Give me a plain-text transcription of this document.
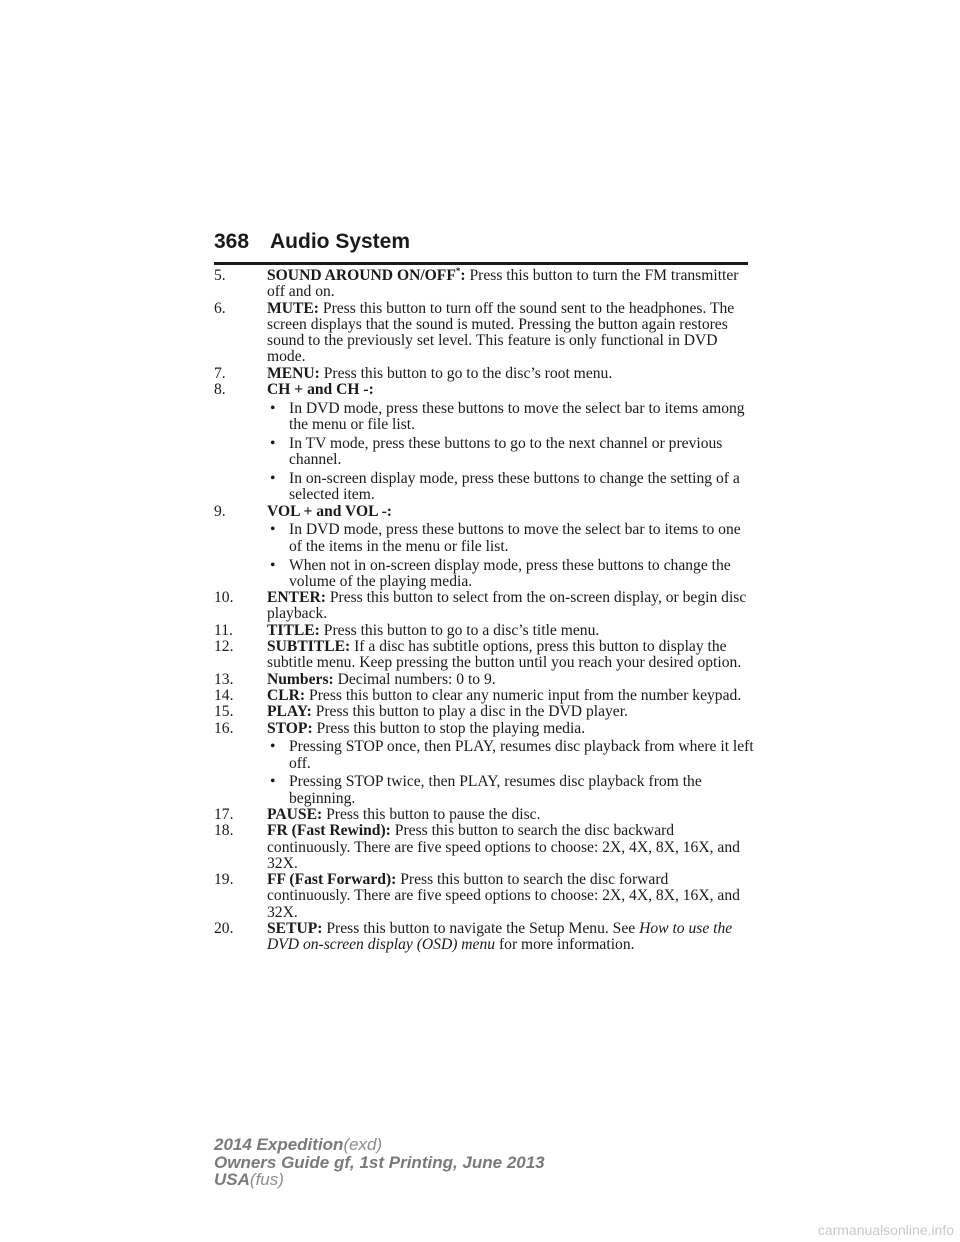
368 Audio System
5.	SOUND AROUND ON/OFF*: Press this button to turn the FM transmitter off and on.
6.	MUTE: Press this button to turn off the sound sent to the headphones. The screen displays that the sound is muted. Pressing the button again restores sound to the previously set level. This feature is only functional in DVD mode.
7.	MENU: Press this button to go to the disc’s root menu.
8.	CH + and CH -:
• In DVD mode, press these buttons to move the select bar to items among the menu or file list.
• In TV mode, press these buttons to go to the next channel or previous channel.
• In on-screen display mode, press these buttons to change the setting of a selected item.
9.	VOL + and VOL -:
• In DVD mode, press these buttons to move the select bar to items to one of the items in the menu or file list.
• When not in on-screen display mode, press these buttons to change the volume of the playing media.
10. ENTER: Press this button to select from the on-screen display, or begin disc playback.
11. TITLE: Press this button to go to a disc’s title menu.
12. SUBTITLE: If a disc has subtitle options, press this button to display the subtitle menu. Keep pressing the button until you reach your desired option.
13. Numbers: Decimal numbers: 0 to 9.
14. CLR: Press this button to clear any numeric input from the number keypad.
15. PLAY: Press this button to play a disc in the DVD player.
16. STOP: Press this button to stop the playing media.
• Pressing STOP once, then PLAY, resumes disc playback from where it left off.
• Pressing STOP twice, then PLAY, resumes disc playback from the beginning.
17. PAUSE: Press this button to pause the disc.
18. FR (Fast Rewind): Press this button to search the disc backward continuously. There are five speed options to choose: 2X, 4X, 8X, 16X, and 32X.
19. FF (Fast Forward): Press this button to search the disc forward continuously. There are five speed options to choose: 2X, 4X, 8X, 16X, and 32X.
20. SETUP: Press this button to navigate the Setup Menu. See How to use the DVD on-screen display (OSD) menu for more information.
2014 Expedition(exd)
Owners Guide gf, 1st Printing, June 2013
USA(fus)
carmanualsonline.info
